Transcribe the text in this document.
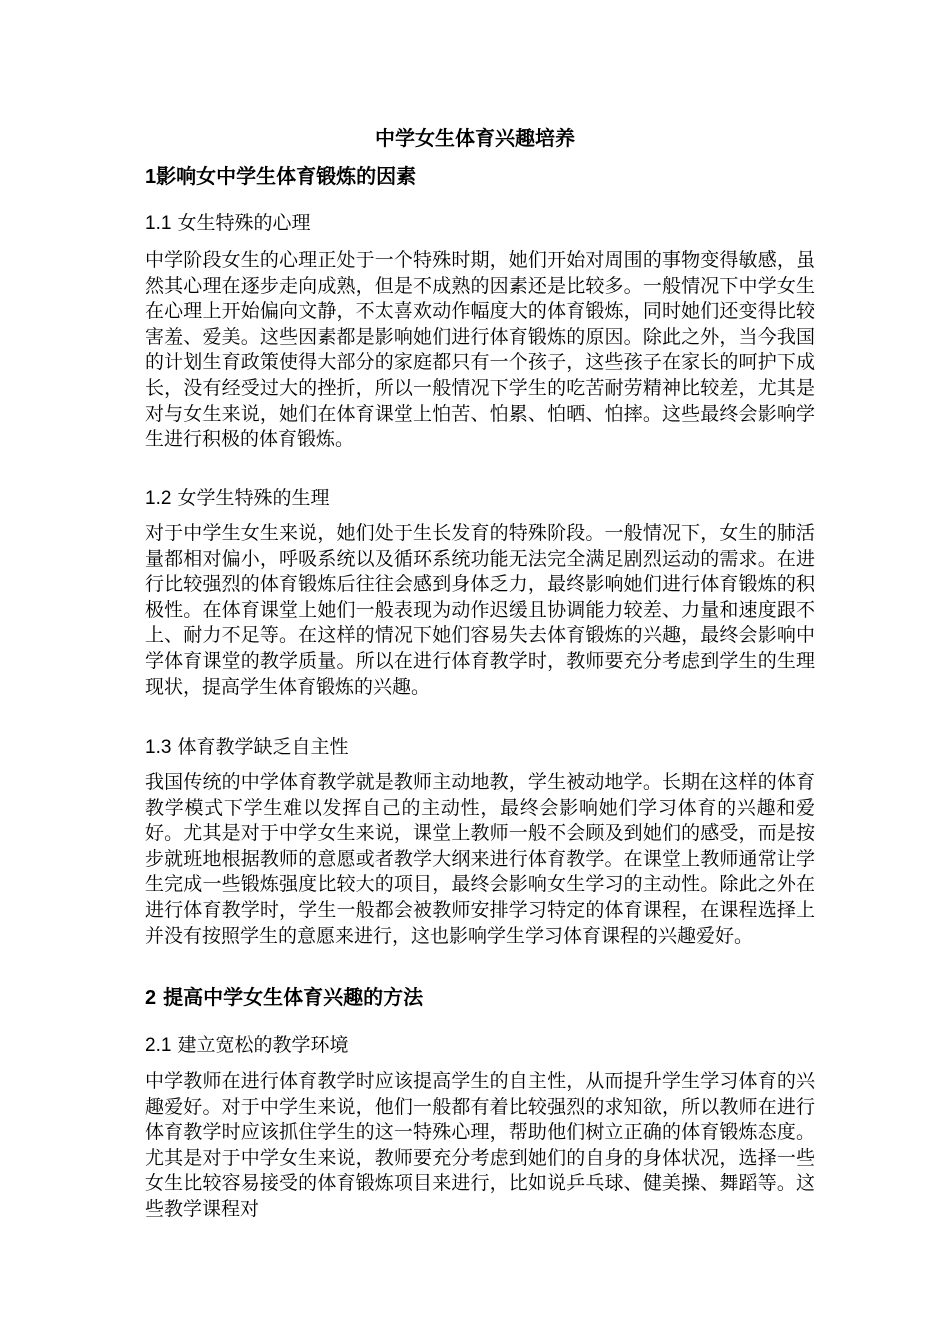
中学女生体育兴趣培养
1影响女中学生体育锻炼的因素
1.1 女生特殊的心理

中学阶段女生的心理正处于一个特殊时期，她们开始对周围的事物变得敏感，虽然其心理在逐步走向成熟，但是不成熟的因素还是比较多。一般情况下中学女生在心理上开始偏向文静，不太喜欢动作幅度大的体育锻炼，同时她们还变得比较害羞、爱美。这些因素都是影响她们进行体育锻炼的原因。除此之外，当今我国的计划生育政策使得大部分的家庭都只有一个孩子，这些孩子在家长的呵护下成长，没有经受过大的挫折，所以一般情况下学生的吃苦耐劳精神比较差，尤其是对与女生来说，她们在体育课堂上怕苦、怕累、怕晒、怕摔。这些最终会影响学生进行积极的体育锻炼。

1.2 女学生特殊的生理

对于中学生女生来说，她们处于生长发育的特殊阶段。一般情况下，女生的肺活量都相对偏小，呼吸系统以及循环系统功能无法完全满足剧烈运动的需求。在进行比较强烈的体育锻炼后往往会感到身体乏力，最终影响她们进行体育锻炼的积极性。在体育课堂上她们一般表现为动作迟缓且协调能力较差、力量和速度跟不上、耐力不足等。在这样的情况下她们容易失去体育锻炼的兴趣，最终会影响中学体育课堂的教学质量。所以在进行体育教学时，教师要充分考虑到学生的生理现状，提高学生体育锻炼的兴趣。

1.3 体育教学缺乏自主性

我国传统的中学体育教学就是教师主动地教，学生被动地学。长期在这样的体育教学模式下学生难以发挥自己的主动性，最终会影响她们学习体育的兴趣和爱好。尤其是对于中学女生来说，课堂上教师一般不会顾及到她们的感受，而是按步就班地根据教师的意愿或者教学大纲来进行体育教学。在课堂上教师通常让学生完成一些锻炼强度比较大的项目，最终会影响女生学习的主动性。除此之外在进行体育教学时，学生一般都会被教师安排学习特定的体育课程，在课程选择上并没有按照学生的意愿来进行，这也影响学生学习体育课程的兴趣爱好。

2 提高中学女生体育兴趣的方法
2.1 建立宽松的教学环境

中学教师在进行体育教学时应该提高学生的自主性，从而提升学生学习体育的兴趣爱好。对于中学生来说，他们一般都有着比较强烈的求知欲，所以教师在进行体育教学时应该抓住学生的这一特殊心理，帮助他们树立正确的体育锻炼态度。尤其是对于中学女生来说，教师要充分考虑到她们的自身的身体状况，选择一些女生比较容易接受的体育锻炼项目来进行，比如说乒乓球、健美操、舞蹈等。这些教学课程对
